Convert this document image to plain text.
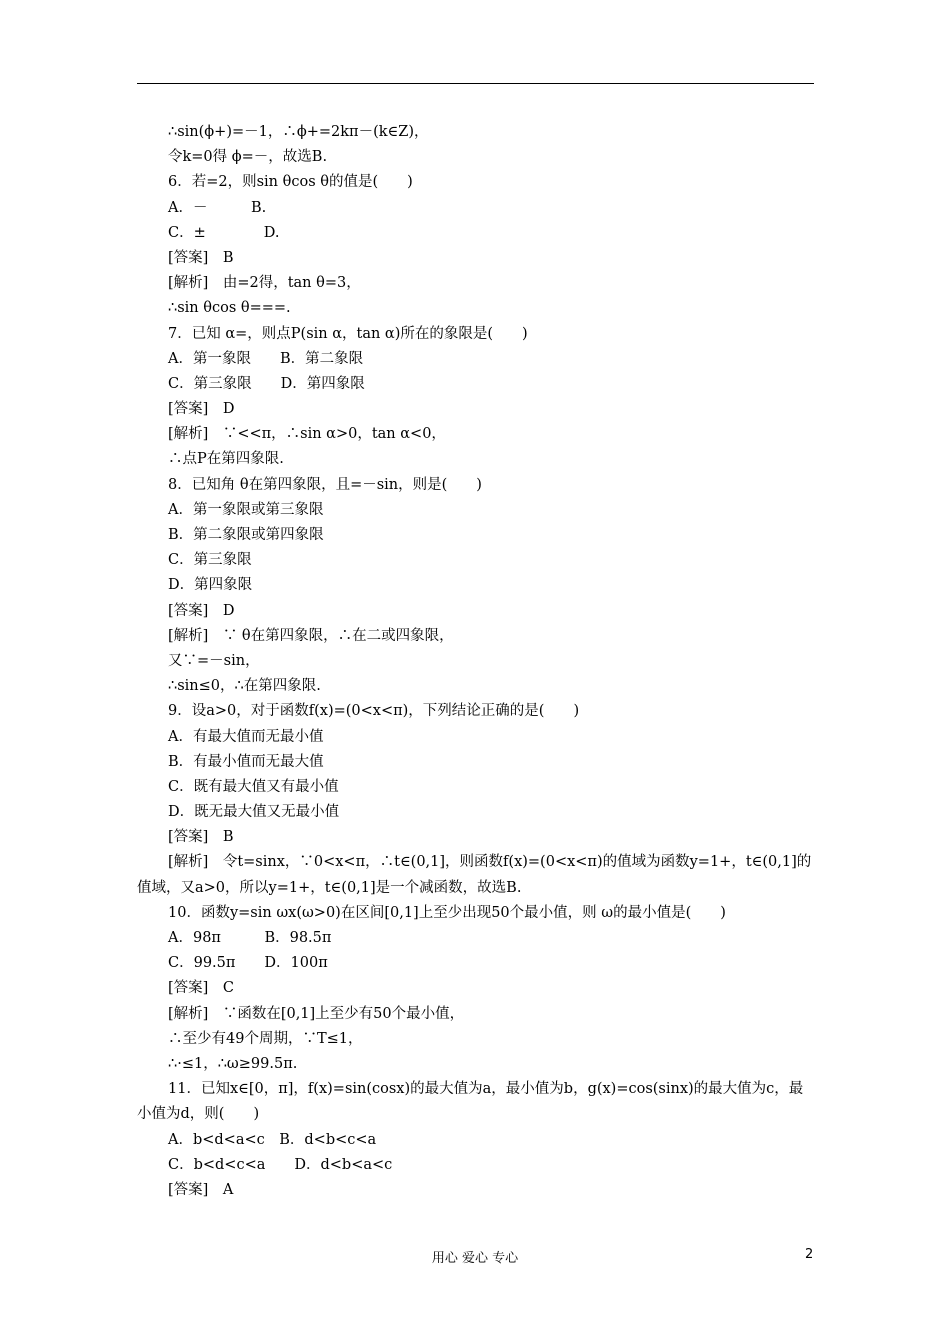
∴sin(ϕ+)=－1，∴ϕ+=2kπ－(k∈Z)，
令k=0得 ϕ=－，故选B.
6．若=2，则sin θcos θ的值是(　　)
A．－　　　B.
C．±　　　　D.
[答案]　B
[解析]　由=2得，tan θ=3，
∴sin θcos θ===.
7．已知 α=，则点P(sin α，tan α)所在的象限是(　　)
A．第一象限　　B．第二象限
C．第三象限　　D．第四象限
[答案]　D
[解析]　∵<<π，∴sin α>0，tan α<0，
∴点P在第四象限.
8．已知角 θ在第四象限，且=－sin，则是(　　)
A．第一象限或第三象限
B．第二象限或第四象限
C．第三象限
D．第四象限
[答案]　D
[解析]　∵ θ在第四象限，∴在二或四象限，
又∵=－sin，
∴sin≤0，∴在第四象限.
9．设a>0，对于函数f(x)=(0<x<π)，下列结论正确的是(　　)
A．有最大值而无最小值
B．有最小值而无最大值
C．既有最大值又有最小值
D．既无最大值又无最小值
[答案]　B
[解析]　令t=sinx，∵0<x<π，∴t∈(0,1]，则函数f(x)=(0<x<π)的值域为函数y=1+，t∈(0,1]的值域，又a>0，所以y=1+，t∈(0,1]是一个减函数，故选B.
10．函数y=sin ωx(ω>0)在区间[0,1]上至少出现50个最小值，则 ω的最小值是(　　)
A．98π　　　B．98.5π
C．99.5π　　D．100π
[答案]　C
[解析]　∵函数在[0,1]上至少有50个最小值，
∴至少有49个周期，∵T≤1，
∴·≤1，∴ω≥99.5π.
11．已知x∈[0，π]，f(x)=sin(cosx)的最大值为a，最小值为b，g(x)=cos(sinx)的最大值为c，最小值为d，则(　　)
A．b<d<a<c　B．d<b<c<a
C．b<d<c<a　　D．d<b<a<c
[答案]　A
用心 爱心 专心	2
